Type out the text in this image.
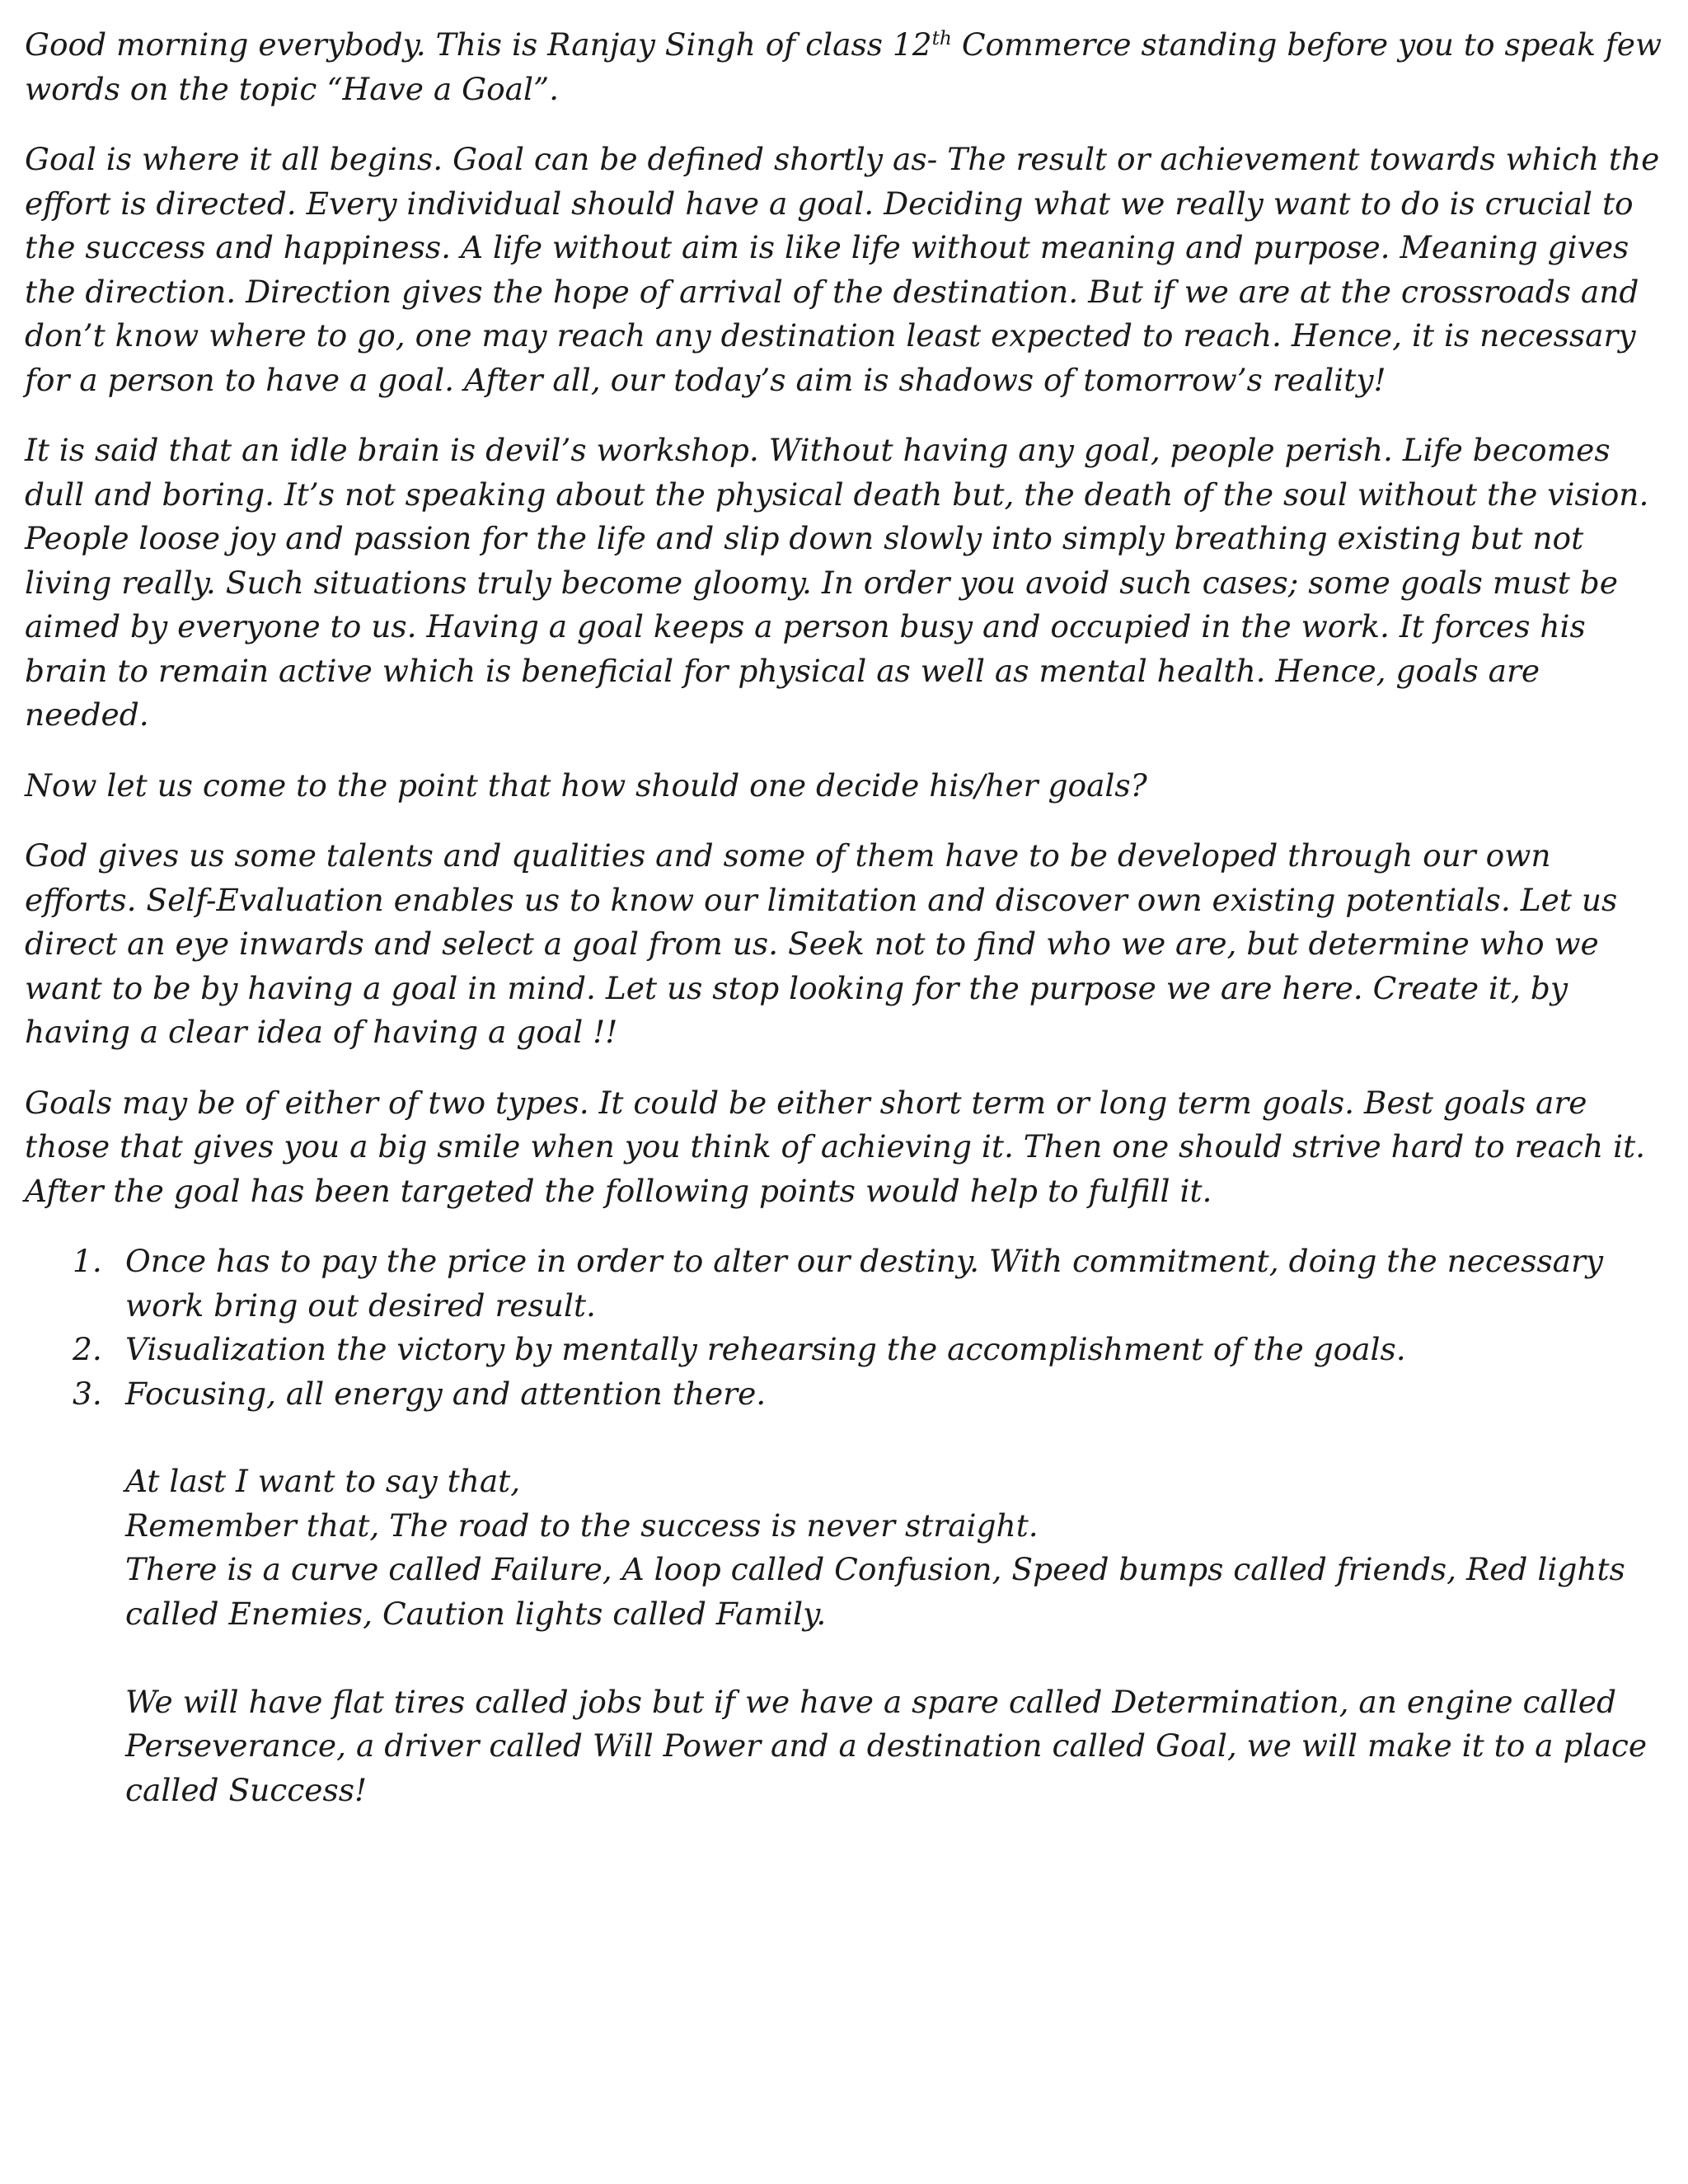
Good morning everybody. This is Ranjay Singh of class 12th Commerce standing before you to speak few words on the topic “Have a Goal”.

Goal is where it all begins. Goal can be defined shortly as- The result or achievement towards which the effort is directed. Every individual should have a goal. Deciding what we really want to do is crucial to the success and happiness. A life without aim is like life without meaning and purpose. Meaning gives the direction. Direction gives the hope of arrival of the destination. But if we are at the crossroads and don’t know where to go, one may reach any destination least expected to reach. Hence, it is necessary for a person to have a goal. After all, our today’s aim is shadows of tomorrow’s reality!

It is said that an idle brain is devil’s workshop. Without having any goal, people perish. Life becomes dull and boring. It’s not speaking about the physical death but, the death of the soul without the vision. People loose joy and passion for the life and slip down slowly into simply breathing existing but not living really. Such situations truly become gloomy. In order you avoid such cases; some goals must be aimed by everyone to us. Having a goal keeps a person busy and occupied in the work. It forces his brain to remain active which is beneficial for physical as well as mental health. Hence, goals are needed.

Now let us come to the point that how should one decide his/her goals?

God gives us some talents and qualities and some of them have to be developed through our own efforts. Self-Evaluation enables us to know our limitation and discover own existing potentials. Let us direct an eye inwards and select a goal from us. Seek not to find who we are, but determine who we want to be by having a goal in mind. Let us stop looking for the purpose we are here. Create it, by having a clear idea of having a goal !!

Goals may be of either of two types. It could be either short term or long term goals. Best goals are those that gives you a big smile when you think of achieving it. Then one should strive hard to reach it. After the goal has been targeted the following points would help to fulfill it.

1. Once has to pay the price in order to alter our destiny. With commitment, doing the necessary work bring out desired result.
2. Visualization the victory by mentally rehearsing the accomplishment of the goals.
3. Focusing, all energy and attention there.
At last I want to say that,
Remember that, The road to the success is never straight.
There is a curve called Failure, A loop called Confusion, Speed bumps called friends, Red lights called Enemies, Caution lights called Family.
We will have flat tires called jobs but if we have a spare called Determination, an engine called Perseverance, a driver called Will Power and a destination called Goal, we will make it to a place called Success!
